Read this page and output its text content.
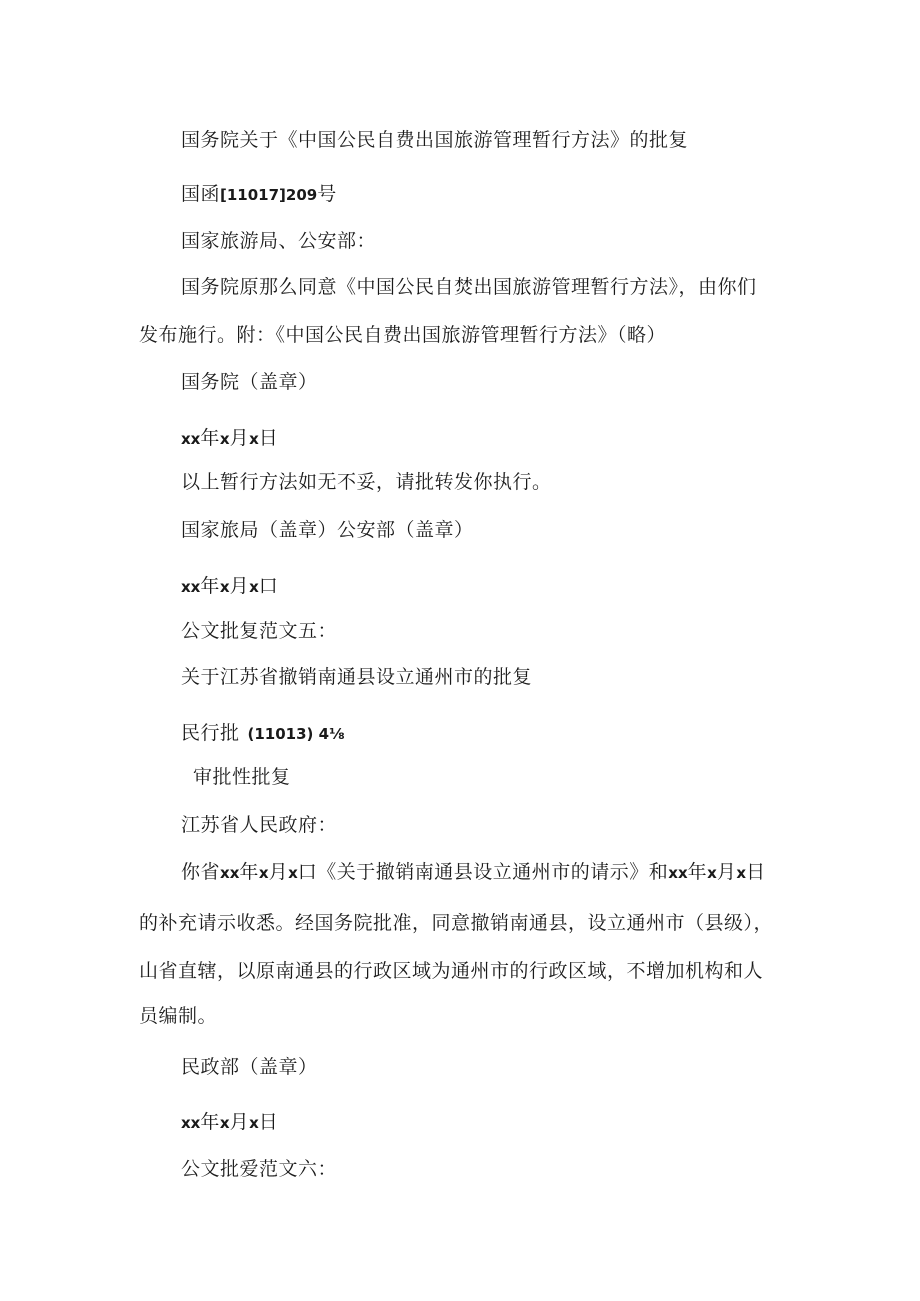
国务院关于《中国公民自费出国旅游管理暂行方法》的批复
国函[11017]209号
国家旅游局、公安部：
国务院原那么同意《中国公民自焚出国旅游管理暂行方法》，由你们
发布施行。附：《中国公民自费出国旅游管理暂行方法》（略）
国务院（盖章）
xx年x月x日
以上暂行方法如无不妥，请批转发你执行。
国家旅局（盖章）公安部（盖章）
xx年x月x口
公文批复范文五：
关于江苏省撤销南通县设立通州市的批复
民行批 (11013) 4⅛
审批性批复
江苏省人民政府：
你省xx年x月x口《关于撤销南通县设立通州市的请示》和xx年x月x日
的补充请示收悉。经国务院批准，同意撤销南通县，设立通州市（县级），
山省直辖，以原南通县的行政区域为通州市的行政区域，不增加机构和人
员编制。
民政部（盖章）
xx年x月x日
公文批爱范文六：
